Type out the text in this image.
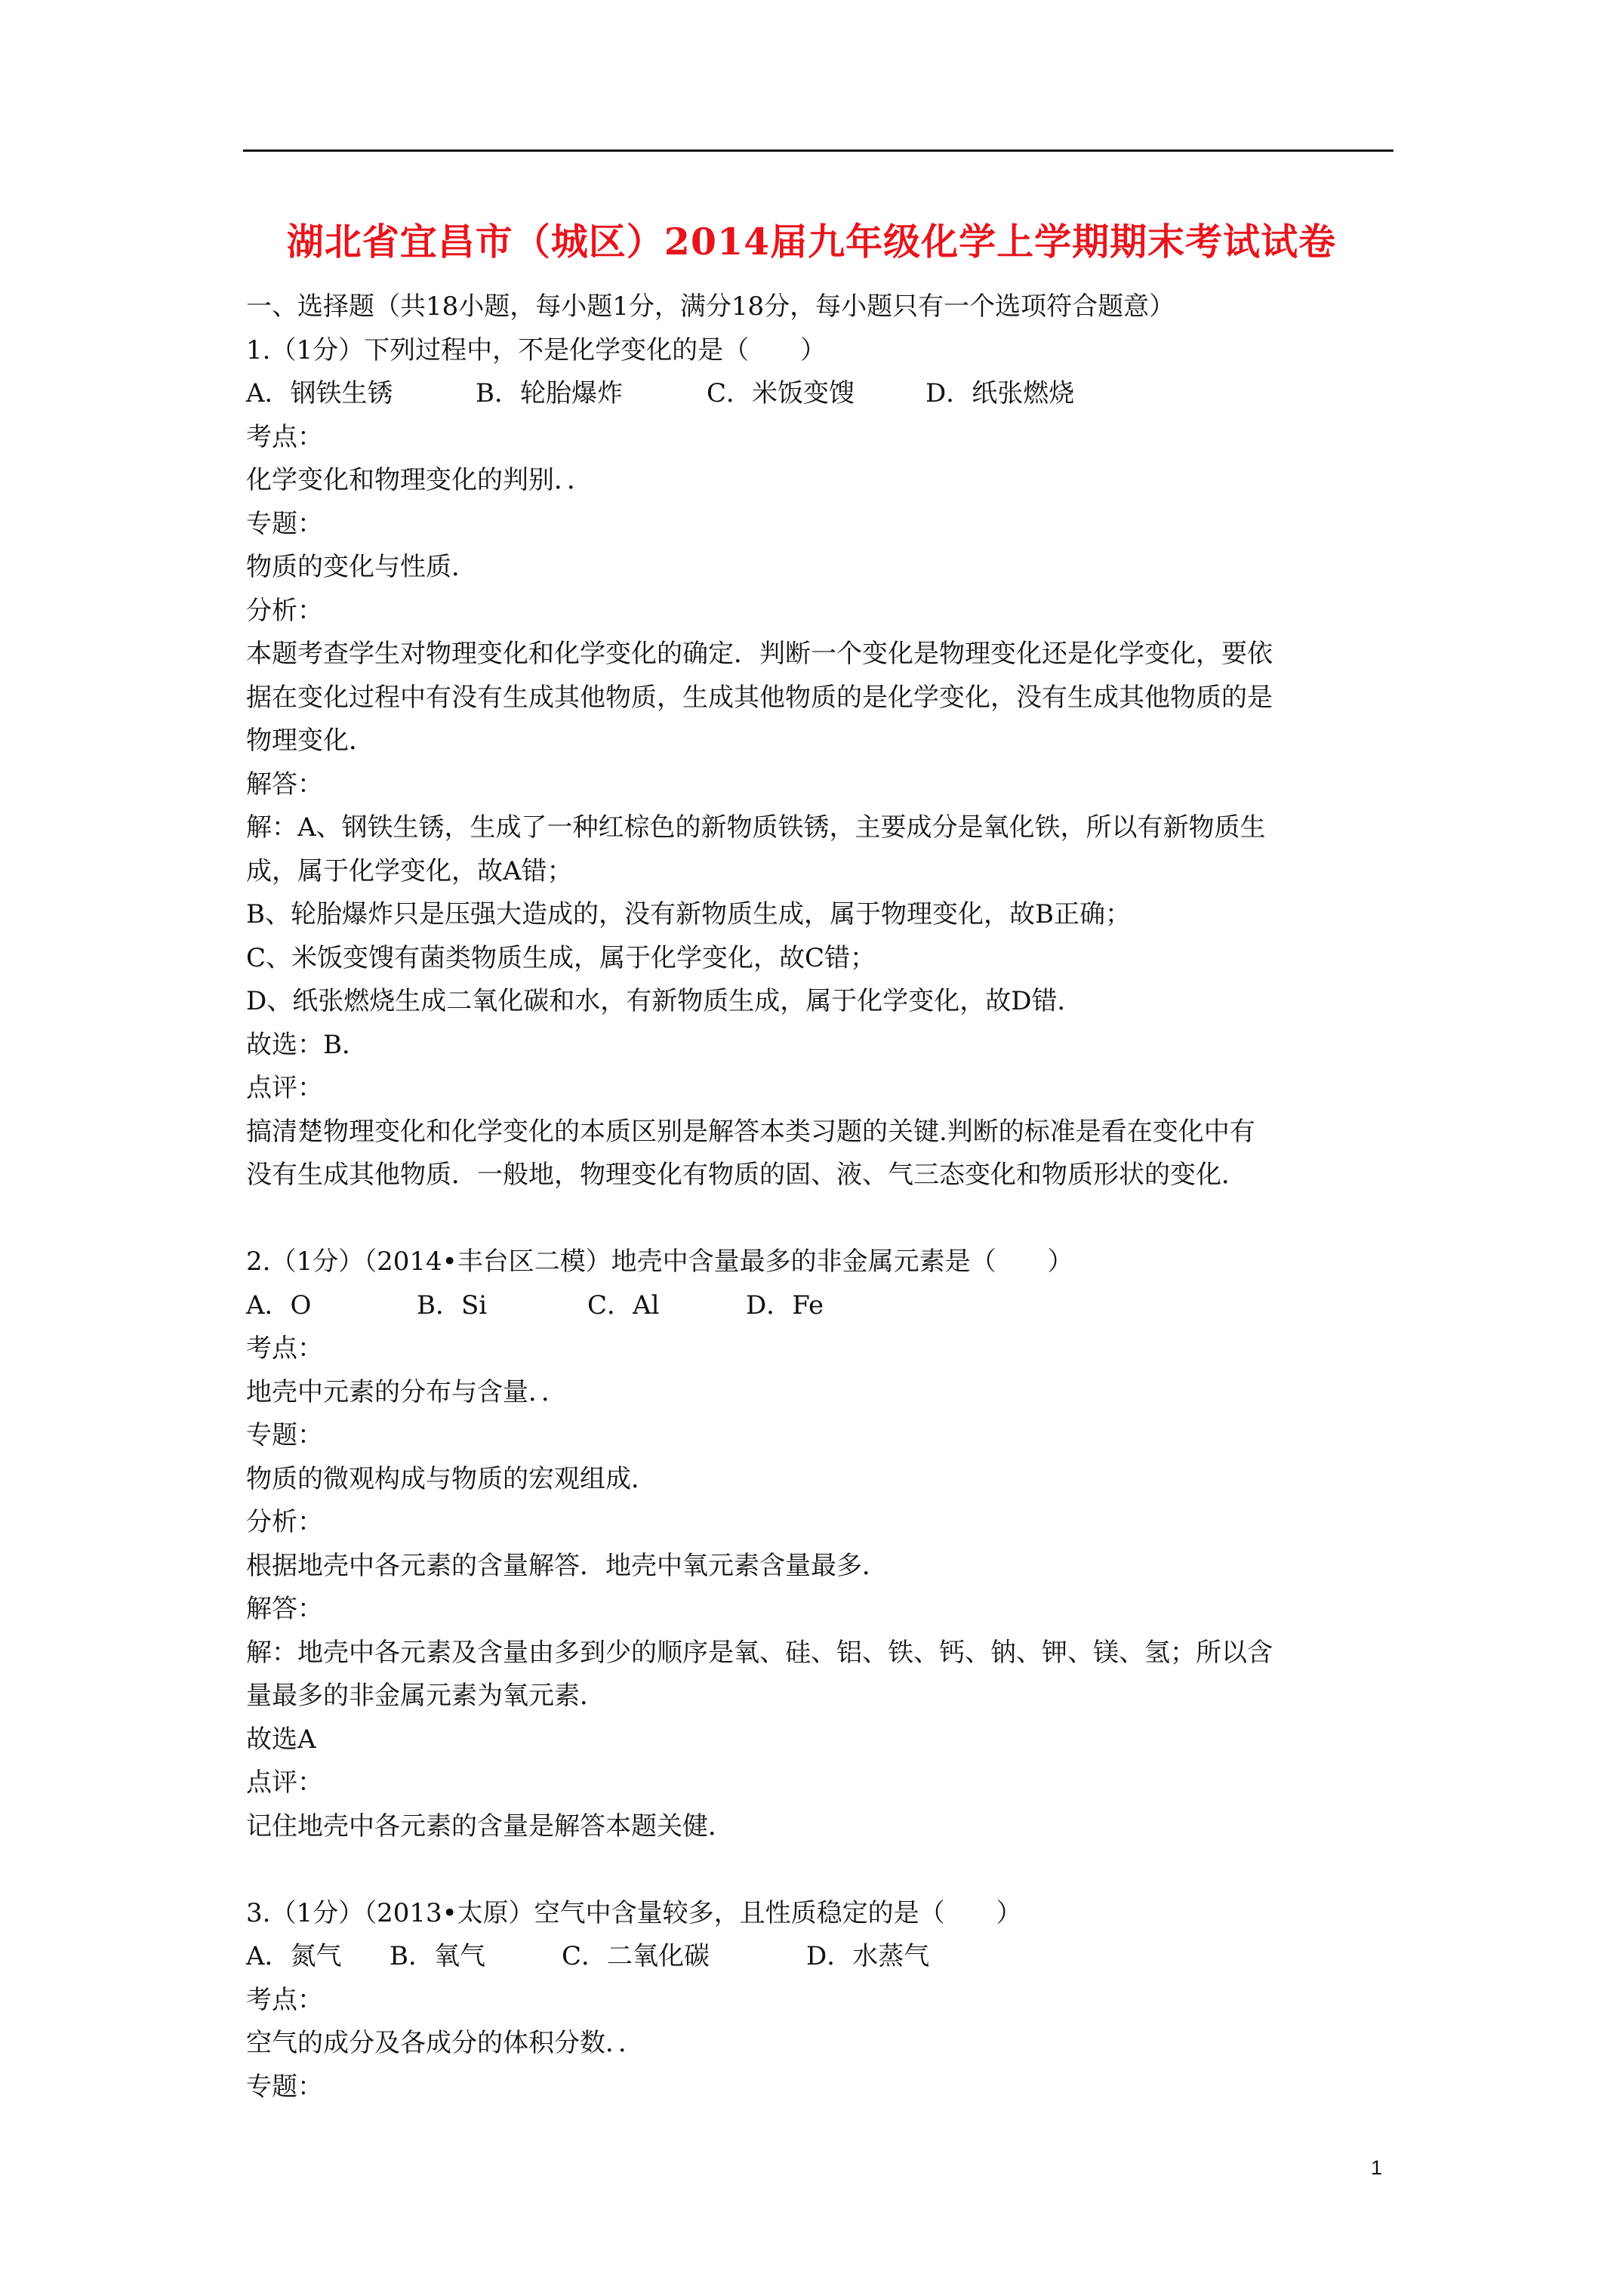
湖北省宜昌市（城区）2014届九年级化学上学期期末考试试卷
一、选择题（共18小题，每小题1分，满分18分，每小题只有一个选项符合题意）
1.（1分）下列过程中，不是化学变化的是（　　）
A．钢铁生锈	B．轮胎爆炸	C．米饭变馊	D．纸张燃烧
考点：
化学变化和物理变化的判别．．
专题：
物质的变化与性质．
分析：
本题考查学生对物理变化和化学变化的确定．判断一个变化是物理变化还是化学变化，要依
据在变化过程中有没有生成其他物质，生成其他物质的是化学变化，没有生成其他物质的是
物理变化．
解答：
解：A、钢铁生锈，生成了一种红棕色的新物质铁锈，主要成分是氧化铁，所以有新物质生
成，属于化学变化，故A错；
B、轮胎爆炸只是压强大造成的，没有新物质生成，属于物理变化，故B正确；
C、米饭变馊有菌类物质生成，属于化学变化，故C错；
D、纸张燃烧生成二氧化碳和水，有新物质生成，属于化学变化，故D错．
故选：B．
点评：
搞清楚物理变化和化学变化的本质区别是解答本类习题的关键.判断的标准是看在变化中有
没有生成其他物质．一般地，物理变化有物质的固、液、气三态变化和物质形状的变化．
2.（1分）（2014•丰台区二模）地壳中含量最多的非金属元素是（　　）
A．O	B．Si	C．Al	D．Fe
考点：
地壳中元素的分布与含量．．
专题：
物质的微观构成与物质的宏观组成．
分析：
根据地壳中各元素的含量解答．地壳中氧元素含量最多．
解答：
解：地壳中各元素及含量由多到少的顺序是氧、硅、铝、铁、钙、钠、钾、镁、氢；所以含
量最多的非金属元素为氧元素．
故选A
点评：
记住地壳中各元素的含量是解答本题关健．
3.（1分）（2013•太原）空气中含量较多，且性质稳定的是（　　）
A．氮气	B．氧气	C．二氧化碳	D．水蒸气
考点：
空气的成分及各成分的体积分数．．
专题：
1
